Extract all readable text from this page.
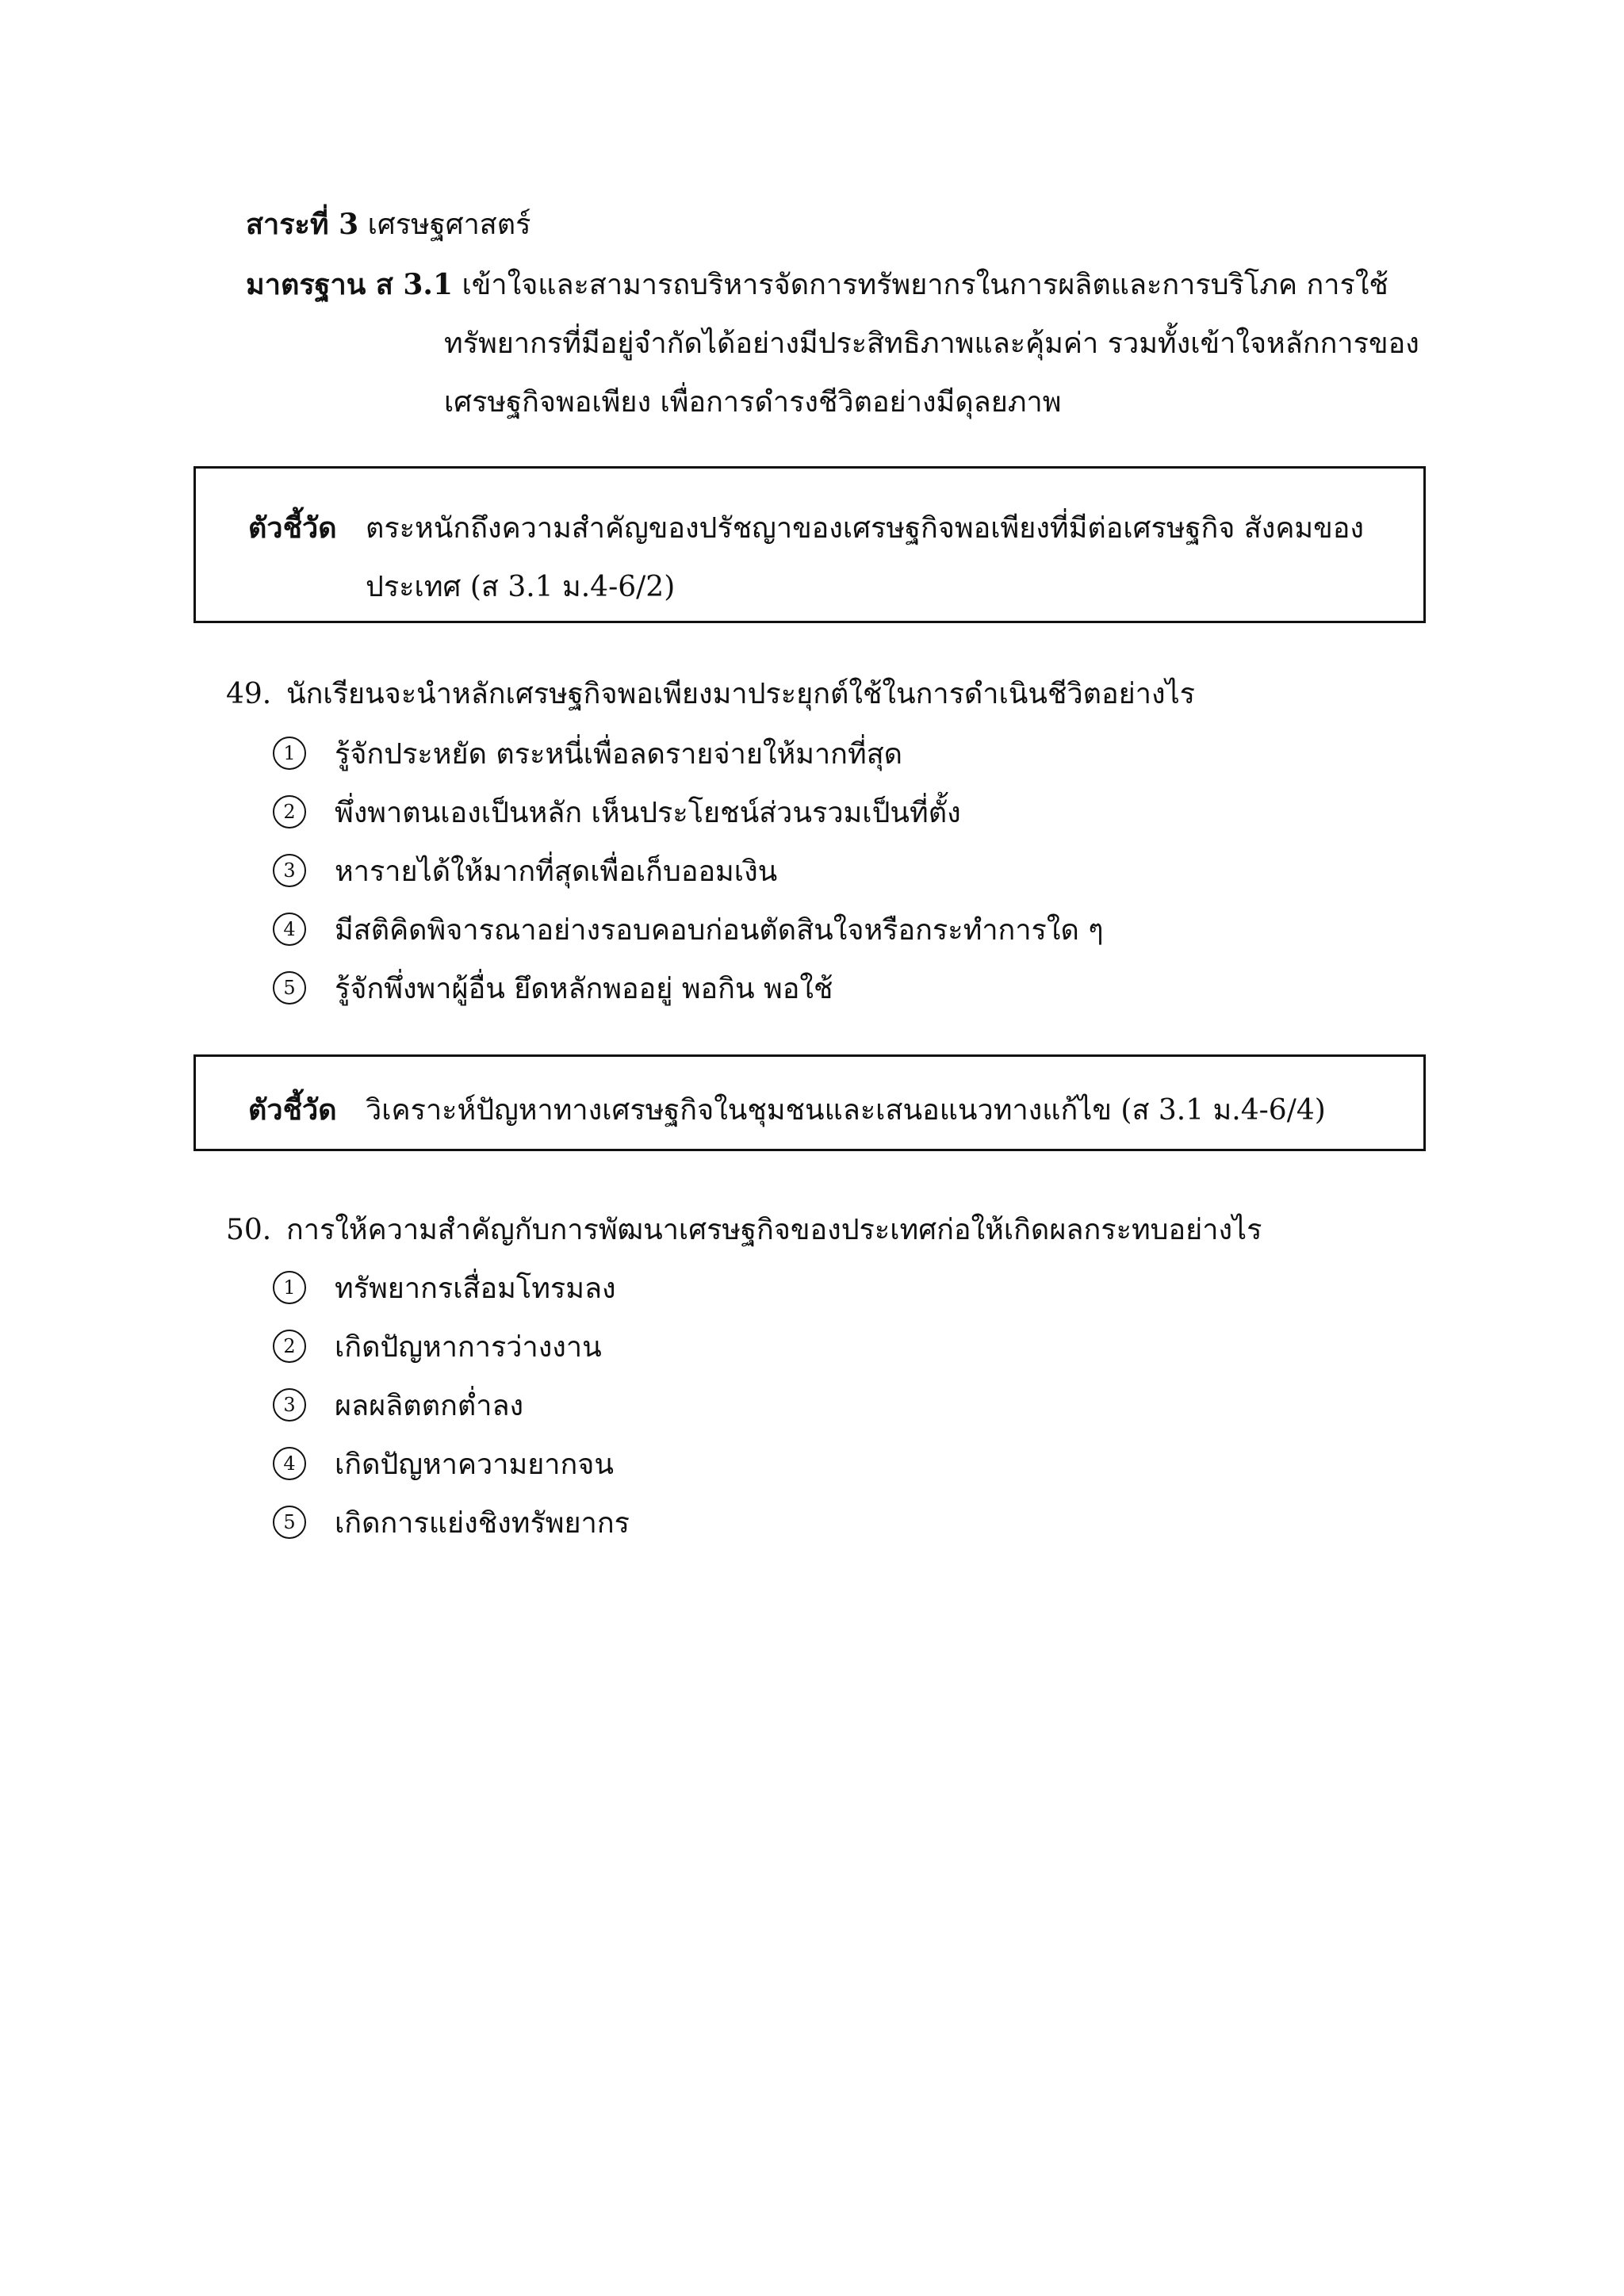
สาระที่ 3 เศรษฐศาสตร์
มาตรฐาน ส 3.1 เข้าใจและสามารถบริหารจัดการทรัพยากรในการผลิตและการบริโภค การใช้
ทรัพยากรที่มีอยู่จำกัดได้อย่างมีประสิทธิภาพและคุ้มค่า รวมทั้งเข้าใจหลักการของ
เศรษฐกิจพอเพียง เพื่อการดำรงชีวิตอย่างมีดุลยภาพ
ตัวชี้วัด ตระหนักถึงความสำคัญของปรัชญาของเศรษฐกิจพอเพียงที่มีต่อเศรษฐกิจ สังคมของ
ประเทศ (ส 3.1 ม.4-6/2)
49. นักเรียนจะนำหลักเศรษฐกิจพอเพียงมาประยุกต์ใช้ในการดำเนินชีวิตอย่างไร
1	รู้จักประหยัด ตระหนี่เพื่อลดรายจ่ายให้มากที่สุด
2	พึ่งพาตนเองเป็นหลัก เห็นประโยชน์ส่วนรวมเป็นที่ตั้ง
3	หารายได้ให้มากที่สุดเพื่อเก็บออมเงิน
4	มีสติคิดพิจารณาอย่างรอบคอบก่อนตัดสินใจหรือกระทำการใด ๆ
5	รู้จักพึ่งพาผู้อื่น ยึดหลักพออยู่ พอกิน พอใช้
ตัวชี้วัด วิเคราะห์ปัญหาทางเศรษฐกิจในชุมชนและเสนอแนวทางแก้ไข (ส 3.1 ม.4-6/4)
50. การให้ความสำคัญกับการพัฒนาเศรษฐกิจของประเทศก่อให้เกิดผลกระทบอย่างไร
1	ทรัพยากรเสื่อมโทรมลง
2	เกิดปัญหาการว่างงาน
3	ผลผลิตตกต่ำลง
4	เกิดปัญหาความยากจน
5	เกิดการแย่งชิงทรัพยากร
